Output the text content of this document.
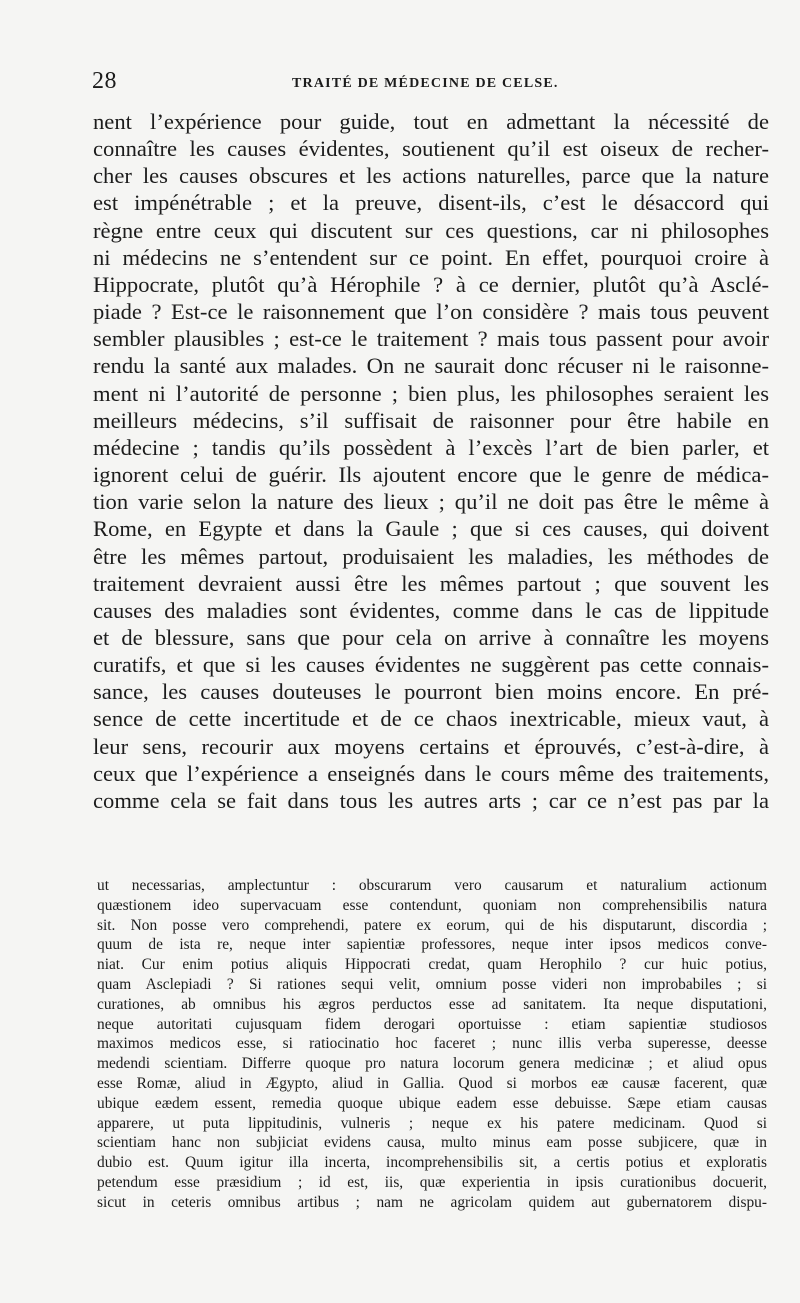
28	TRAITÉ DE MÉDECINE DE CELSE.
nent l’expérience pour guide, tout en admettant la nécessité de
connaître les causes évidentes, soutienent qu’il est oiseux de recher-
cher les causes obscures et les actions naturelles, parce que la nature
est impénétrable ; et la preuve, disent-ils, c’est le désaccord qui
règne entre ceux qui discutent sur ces questions, car ni philosophes
ni médecins ne s’entendent sur ce point. En effet, pourquoi croire à
Hippocrate, plutôt qu’à Hérophile ? à ce dernier, plutôt qu’à Asclé-
piade ? Est-ce le raisonnement que l’on considère ? mais tous peuvent
sembler plausibles ; est-ce le traitement ? mais tous passent pour avoir
rendu la santé aux malades. On ne saurait donc récuser ni le raisonne-
ment ni l’autorité de personne ; bien plus, les philosophes seraient les
meilleurs médecins, s’il suffisait de raisonner pour être habile en
médecine ; tandis qu’ils possèdent à l’excès l’art de bien parler, et
ignorent celui de guérir. Ils ajoutent encore que le genre de médica-
tion varie selon la nature des lieux ; qu’il ne doit pas être le même à
Rome, en Egypte et dans la Gaule ; que si ces causes, qui doivent
être les mêmes partout, produisaient les maladies, les méthodes de
traitement devraient aussi être les mêmes partout ; que souvent les
causes des maladies sont évidentes, comme dans le cas de lippitude
et de blessure, sans que pour cela on arrive à connaître les moyens
curatifs, et que si les causes évidentes ne suggèrent pas cette connais-
sance, les causes douteuses le pourront bien moins encore. En pré-
sence de cette incertitude et de ce chaos inextricable, mieux vaut, à
leur sens, recourir aux moyens certains et éprouvés, c’est-à-dire, à
ceux que l’expérience a enseignés dans le cours même des traitements,
comme cela se fait dans tous les autres arts ; car ce n’est pas par la
ut necessarias, amplectuntur : obscurarum vero causarum et naturalium actionum
quæstionem ideo supervacuam esse contendunt, quoniam non comprehensibilis natura
sit. Non posse vero comprehendi, patere ex eorum, qui de his disputarunt, discordia ;
quum de ista re, neque inter sapientiæ professores, neque inter ipsos medicos conve-
niat. Cur enim potius aliquis Hippocrati credat, quam Herophilo ? cur huic potius,
quam Asclepiadi ? Si rationes sequi velit, omnium posse videri non improbabiles ; si
curationes, ab omnibus his ægros perductos esse ad sanitatem. Ita neque disputationi,
neque autoritati cujusquam fidem derogari oportuisse : etiam sapientiæ studiosos
maximos medicos esse, si ratiocinatio hoc faceret ; nunc illis verba superesse, deesse
medendi scientiam. Differre quoque pro natura locorum genera medicinæ ; et aliud opus
esse Romæ, aliud in Ægypto, aliud in Gallia. Quod si morbos eæ causæ facerent, quæ
ubique eædem essent, remedia quoque ubique eadem esse debuisse. Sæpe etiam causas
apparere, ut puta lippitudinis, vulneris ; neque ex his patere medicinam. Quod si
scientiam hanc non subjiciat evidens causa, multo minus eam posse subjicere, quæ in
dubio est. Quum igitur illa incerta, incomprehensibilis sit, a certis potius et exploratis
petendum esse præsidium ; id est, iis, quæ experientia in ipsis curationibus docuerit,
sicut in ceteris omnibus artibus ; nam ne agricolam quidem aut gubernatorem dispu-
